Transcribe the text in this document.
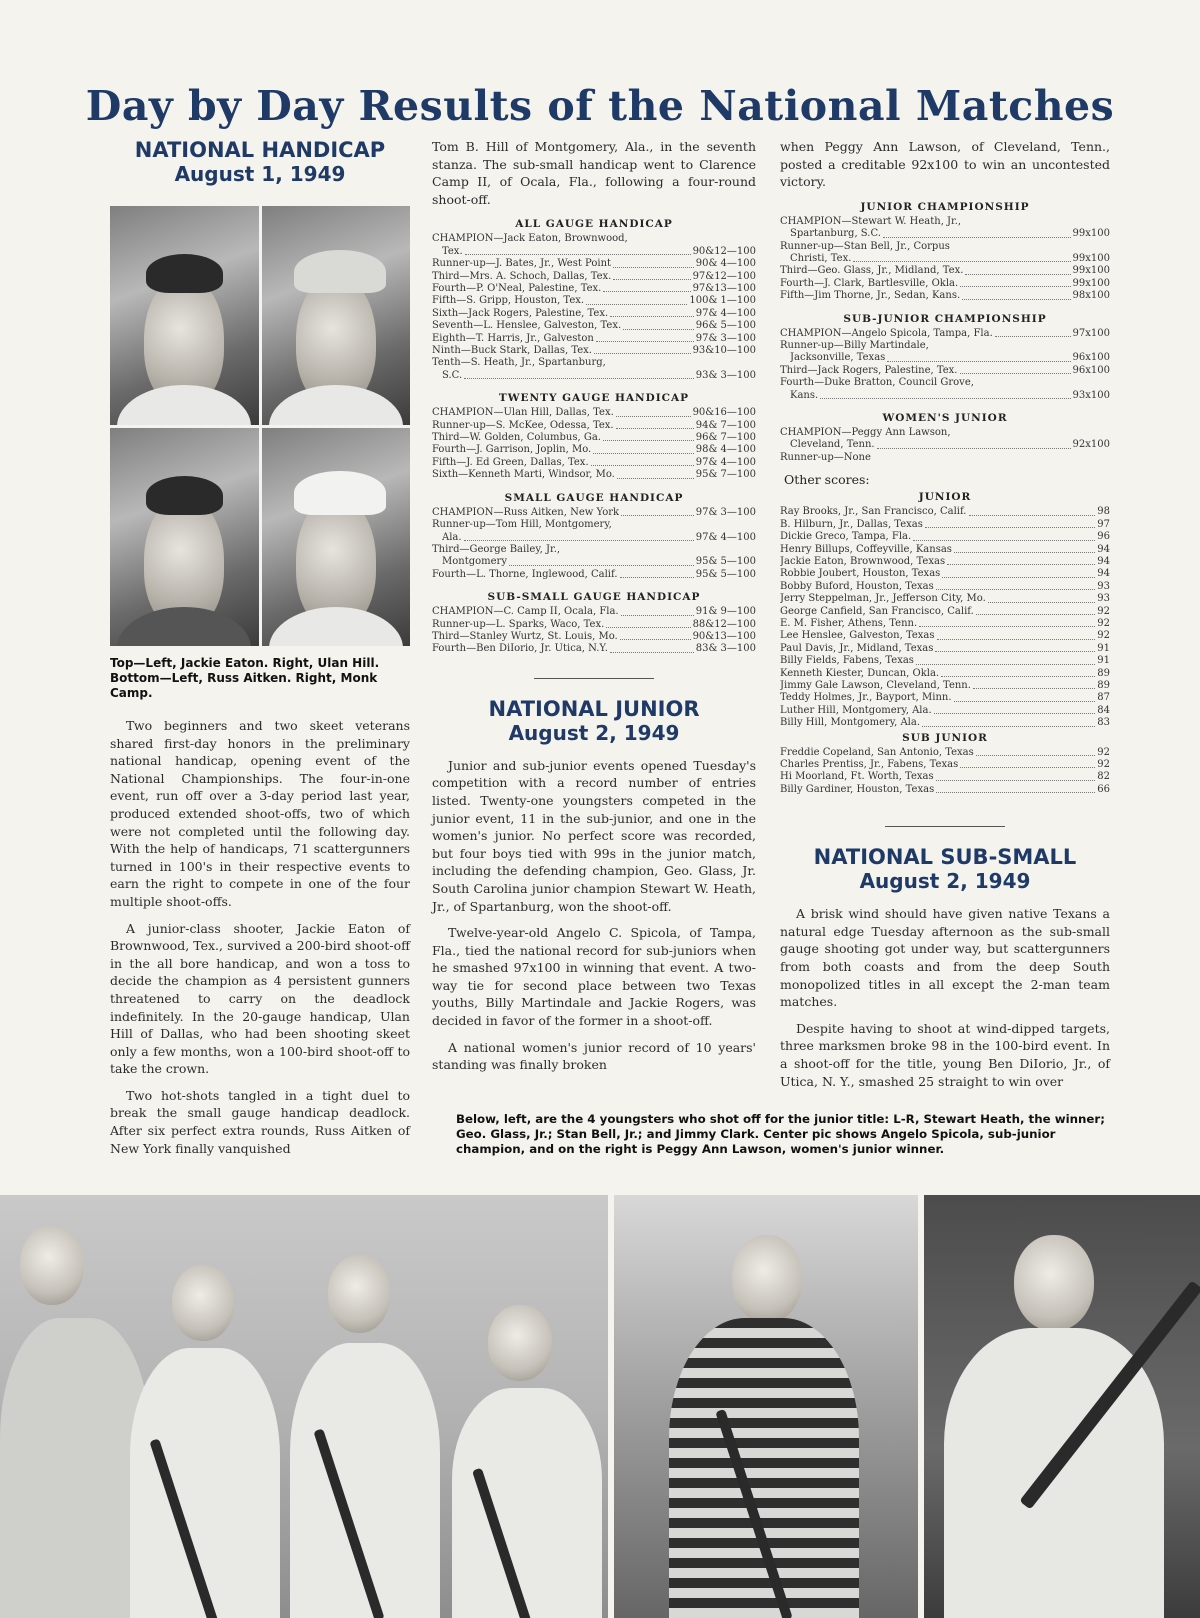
Day by Day Results of the National Matches
NATIONAL HANDICAP
August 1, 1949
Top—Left, Jackie Eaton. Right, Ulan Hill. Bottom—Left, Russ Aitken. Right, Monk Camp.

Two beginners and two skeet veterans shared first-day honors in the preliminary national handicap, opening event of the National Championships. The four-in-one event, run off over a 3-day period last year, produced extended shoot-offs, two of which were not completed until the following day. With the help of handicaps, 71 scattergunners turned in 100's in their respective events to earn the right to compete in one of the four multiple shoot-offs.

A junior-class shooter, Jackie Eaton of Brownwood, Tex., survived a 200-bird shoot-off in the all bore handicap, and won a toss to decide the champion as 4 persistent gunners threatened to carry on the deadlock indefinitely. In the 20-gauge handicap, Ulan Hill of Dallas, who had been shooting skeet only a few months, won a 100-bird shoot-off to take the crown.

Two hot-shots tangled in a tight duel to break the small gauge handicap deadlock. After six perfect extra rounds, Russ Aitken of New York finally vanquished

Tom B. Hill of Montgomery, Ala., in the seventh stanza. The sub-small handicap went to Clarence Camp II, of Ocala, Fla., following a four-round shoot-off.

ALL GAUGE HANDICAP
CHAMPION—Jack Eaton, Brownwood,
Tex.	90&12—100
Runner-up—J. Bates, Jr., West Point	90& 4—100
Third—Mrs. A. Schoch, Dallas, Tex.	97&12—100
Fourth—P. O'Neal, Palestine, Tex.	97&13—100
Fifth—S. Gripp, Houston, Tex.	100& 1—100
Sixth—Jack Rogers, Palestine, Tex.	97& 4—100
Seventh—L. Henslee, Galveston, Tex.	96& 5—100
Eighth—T. Harris, Jr., Galveston	97& 3—100
Ninth—Buck Stark, Dallas, Tex.	93&10—100
Tenth—S. Heath, Jr., Spartanburg,
S.C.	93& 3—100
TWENTY GAUGE HANDICAP
CHAMPION—Ulan Hill, Dallas, Tex.	90&16—100
Runner-up—S. McKee, Odessa, Tex.	94& 7—100
Third—W. Golden, Columbus, Ga.	96& 7—100
Fourth—J. Garrison, Joplin, Mo.	98& 4—100
Fifth—J. Ed Green, Dallas, Tex.	97& 4—100
Sixth—Kenneth Marti, Windsor, Mo.	95& 7—100
SMALL GAUGE HANDICAP
CHAMPION—Russ Aitken, New York	97& 3—100
Runner-up—Tom Hill, Montgomery,
Ala.	97& 4—100
Third—George Bailey, Jr.,
Montgomery	95& 5—100
Fourth—L. Thorne, Inglewood, Calif.	95& 5—100
SUB-SMALL GAUGE HANDICAP
CHAMPION—C. Camp II, Ocala, Fla.	91& 9—100
Runner-up—L. Sparks, Waco, Tex.	88&12—100
Third—Stanley Wurtz, St. Louis, Mo.	90&13—100
Fourth—Ben DiIorio, Jr. Utica, N.Y.	83& 3—100
NATIONAL JUNIOR
August 2, 1949

Junior and sub-junior events opened Tuesday's competition with a record number of entries listed. Twenty-one youngsters competed in the junior event, 11 in the sub-junior, and one in the women's junior. No perfect score was recorded, but four boys tied with 99s in the junior match, including the defending champion, Geo. Glass, Jr. South Carolina junior champion Stewart W. Heath, Jr., of Spartanburg, won the shoot-off.

Twelve-year-old Angelo C. Spicola, of Tampa, Fla., tied the national record for sub-juniors when he smashed 97x100 in winning that event. A two-way tie for second place between two Texas youths, Billy Martindale and Jackie Rogers, was decided in favor of the former in a shoot-off.

A national women's junior record of 10 years' standing was finally broken

when Peggy Ann Lawson, of Cleveland, Tenn., posted a creditable 92x100 to win an uncontested victory.

JUNIOR CHAMPIONSHIP
CHAMPION—Stewart W. Heath, Jr.,
Spartanburg, S.C.	99x100
Runner-up—Stan Bell, Jr., Corpus
Christi, Tex.	99x100
Third—Geo. Glass, Jr., Midland, Tex.	99x100
Fourth—J. Clark, Bartlesville, Okla.	99x100
Fifth—Jim Thorne, Jr., Sedan, Kans.	98x100
SUB-JUNIOR CHAMPIONSHIP
CHAMPION—Angelo Spicola, Tampa, Fla.	97x100
Runner-up—Billy Martindale,
Jacksonville, Texas	96x100
Third—Jack Rogers, Palestine, Tex.	96x100
Fourth—Duke Bratton, Council Grove,
Kans.	93x100
WOMEN'S JUNIOR
CHAMPION—Peggy Ann Lawson,
Cleveland, Tenn.	92x100
Runner-up—None
Other scores:
JUNIOR
Ray Brooks, Jr., San Francisco, Calif.	98
B. Hilburn, Jr., Dallas, Texas	97
Dickie Greco, Tampa, Fla.	96
Henry Billups, Coffeyville, Kansas	94
Jackie Eaton, Brownwood, Texas	94
Robbie Joubert, Houston, Texas	94
Bobby Buford, Houston, Texas	93
Jerry Steppelman, Jr., Jefferson City, Mo.	93
George Canfield, San Francisco, Calif.	92
E. M. Fisher, Athens, Tenn.	92
Lee Henslee, Galveston, Texas	92
Paul Davis, Jr., Midland, Texas	91
Billy Fields, Fabens, Texas	91
Kenneth Kiester, Duncan, Okla.	89
Jimmy Gale Lawson, Cleveland, Tenn.	89
Teddy Holmes, Jr., Bayport, Minn.	87
Luther Hill, Montgomery, Ala.	84
Billy Hill, Montgomery, Ala.	83
SUB JUNIOR
Freddie Copeland, San Antonio, Texas	92
Charles Prentiss, Jr., Fabens, Texas	92
Hi Moorland, Ft. Worth, Texas	82
Billy Gardiner, Houston, Texas	66
NATIONAL SUB-SMALL
August 2, 1949

A brisk wind should have given native Texans a natural edge Tuesday afternoon as the sub-small gauge shooting got under way, but scattergunners from both coasts and from the deep South monopolized titles in all except the 2-man team matches.

Despite having to shoot at wind-dipped targets, three marksmen broke 98 in the 100-bird event. In a shoot-off for the title, young Ben DiIorio, Jr., of Utica, N. Y., smashed 25 straight to win over

Below, left, are the 4 youngsters who shot off for the junior title: L-R, Stewart Heath, the winner; Geo. Glass, Jr.; Stan Bell, Jr.; and Jimmy Clark. Center pic shows Angelo Spicola, sub-junior champion, and on the right is Peggy Ann Lawson, women's junior winner.
